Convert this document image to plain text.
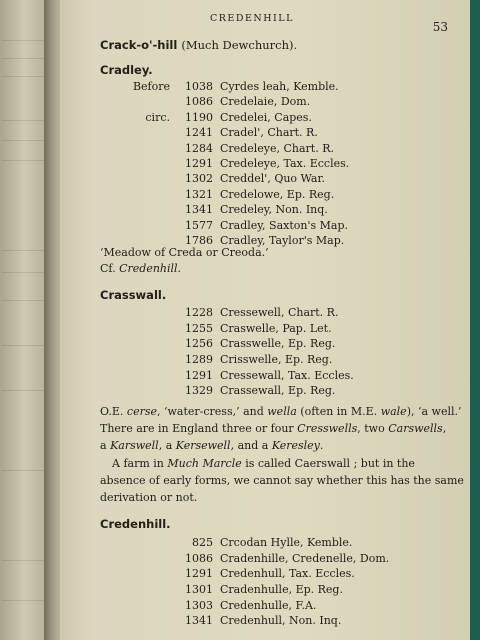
CREDENHILL
53
Crack-o'-hill (Much Dewchurch).
Cradley.
Before 1038 Cyrdes leah, Kemble.
1086 Credelaie, Dom.
circ. 1190 Credelei, Capes.
1241 Cradel', Chart. R.
1284 Credeleye, Chart. R.
1291 Credeleye, Tax. Eccles.
1302 Creddel', Quo War.
1321 Credelowe, Ep. Reg.
1341 Credeley, Non. Inq.
1577 Cradley, Saxton's Map.
1786 Cradley, Taylor's Map.
‘Meadow of Creda or Creoda.’
Cf. Credenhill.
Crasswall.
1228 Cressewell, Chart. R.
1255 Craswelle, Pap. Let.
1256 Crasswelle, Ep. Reg.
1289 Crisswelle, Ep. Reg.
1291 Cressewall, Tax. Eccles.
1329 Crassewall, Ep. Reg.
O.E. cerse, ‘water-cress,’ and wella (often in M.E. wale), ‘a well.’
There are in England three or four Cresswells, two Carswells,
a Karswell, a Kersewell, and a Keresley.
A farm in Much Marcle is called Caerswall ; but in the
absence of early forms, we cannot say whether this has the same
derivation or not.
Credenhill.
825 Crcodan Hylle, Kemble.
1086 Cradenhille, Credenelle, Dom.
1291 Credenhull, Tax. Eccles.
1301 Cradenhulle, Ep. Reg.
1303 Credenhulle, F.A.
1341 Credenhull, Non. Inq.
